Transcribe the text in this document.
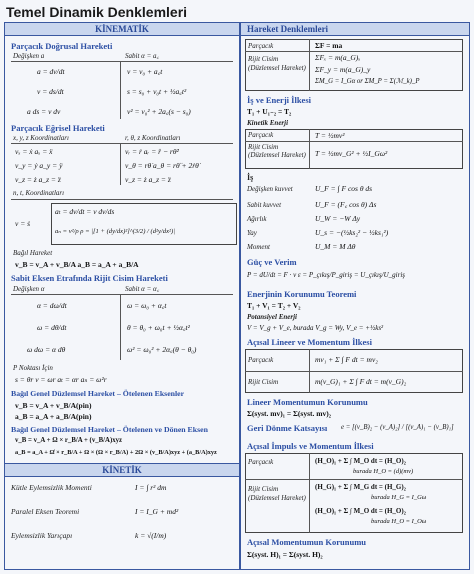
Temel Dinamik Denklemleri
KİNEMATİK
Parçacık Doğrusal Hareketi
Değişken a	Sabit α = a꜀
a = dv/dt	v = v₀ + a꜀t
v = ds/dt	s = s₀ + v₀t + ½a꜀t²
a ds = v dv	v² = v₀² + 2a꜀(s − s₀)
Parçacık Eğrisel Hareketi
x, y, z Koordinatları	r, θ, z Koordinatları
vₓ = ẋ aₓ = ẍ	vᵣ = ṙ aᵣ = r̈ − rθ̇²
v_y = ẏ a_y = ÿ	v_θ = rθ̇ a_θ = rθ̈ + 2ṙθ̇
v_z = ż a_z = z̈	v_z = ż a_z = z̈
n, t, Koordinatları
v = ṡ
aₜ = dv/dt = v dv/ds
aₙ = v²/ρ ρ = |[1 + (dy/dx)²]^(3/2) / (d²y/dx²)|
Bağıl Hareket
v_B = v_A + v_B/A a_B = a_A + a_B/A
Sabit Eksen Etrafında Rijit Cisim Hareketi
Değişken α	Sabit α = α꜀
α = dω/dt	ω = ω₀ + α꜀t
ω = dθ/dt	θ = θ₀ + ω₀t + ½α꜀t²
ω dω = α dθ	ω² = ω₀² + 2α꜀(θ − θ₀)
P Noktası İçin
s = θr v = ωr aₜ = αr aₙ = ω²r
Bağıl Genel Düzlemsel Hareket – Ötelenen Eksenler
v_B = v_A + v_B/A(pin)
a_B = a_A + a_B/A(pin)
Bağıl Genel Düzlemsel Hareket – Ötelenen ve Dönen Eksen
v_B = v_A + Ω × r_B/A + (v_B/A)xyz
a_B = a_A + Ω̇ × r_B/A + Ω × (Ω × r_B/A) + 2Ω × (v_B/A)xyz + (a_B/A)xyz
KİNETİK
Kütle Eylemsizlik Momenti	I = ∫ r² dm
Paralel Eksen Teoremi	I = I_G + md²
Eylemsizlik Yarıçapı	k = √(I/m)
Hareket Denklemleri
Parçacık	ΣF = ma
Rijit Cisim (Düzlemsel Hareket)
ΣFₓ = m(a_G)ₓ
ΣF_y = m(a_G)_y
ΣM_G = I_Gα or ΣM_P = Σ(ℳ_k)_P
İş ve Enerji İlkesi
T₁ + U₁₋₂ = T₂
Kinetik Enerji
Parçacık	T = ½mv²
Rijit Cisim (Düzlemsel Hareket) T = ½mv_G² + ½I_Gω²
İş
Değişken kuvvet	U_F = ∫ F cos θ ds
Sabit kuvvet	U_F = (F꜀ cos θ) Δs
Ağırlık	U_W = −W Δy
Yay	U_s = −(½ks₂² − ½ks₁²)
Moment	U_M = M Δθ
Güç ve Verim
P = dU/dt = F · v ε = P_çıkış/P_giriş = U_çıkış/U_giriş
Enerjinin Korunumu Teoremi
T₁ + V₁ = T₂ + V₂
Potansiyel Enerji
V = V_g + V_e, burada V_g = Wy, V_e = +½ks²
Açısal Lineer ve Momentum İlkesi
Parçacık	mv₁ + Σ ∫ F dt = mv₂
Rijit Cisim	m(v_G)₁ + Σ ∫ F dt = m(v_G)₂
Lineer Momentumun Korunumu
Σ(syst. mv)₁ = Σ(syst. mv)₂
Geri Dönme Katsayısı e = [(v_B)₂ − (v_A)₂] / [(v_A)₁ − (v_B)₁]
Açısal İmpuls ve Momentum İlkesi
Parçacık	(H_O)₁ + Σ ∫ M_O dt = (H_O)₂
burada H_O = (d)(mv)
Rijit Cisim (Düzlemsel Hareket)
(H_G)₁ + Σ ∫ M_G dt = (H_G)₂
burada H_G = I_Gω
(H_O)₁ + Σ ∫ M_O dt = (H_O)₂
burada H_O = I_Oω
Açısal Momentumun Korunumu
Σ(syst. H)₁ = Σ(syst. H)₂
